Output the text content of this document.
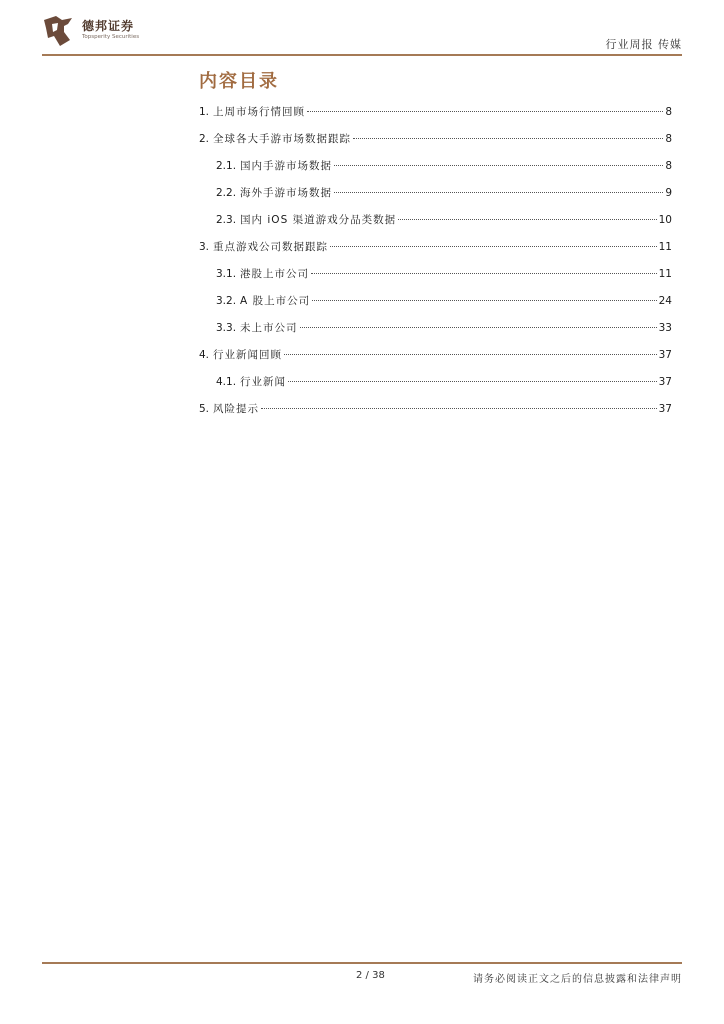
德邦证券
Topsperity Securities
行业周报 传媒
内容目录
1. 上周市场行情回顾	8
2. 全球各大手游市场数据跟踪	8
2.1. 国内手游市场数据	8
2.2. 海外手游市场数据	9
2.3. 国内 iOS 渠道游戏分品类数据	10
3. 重点游戏公司数据跟踪	11
3.1. 港股上市公司	11
3.2. A 股上市公司	24
3.3. 未上市公司	33
4. 行业新闻回顾	37
4.1. 行业新闻	37
5. 风险提示	37
2 / 38	请务必阅读正文之后的信息披露和法律声明
